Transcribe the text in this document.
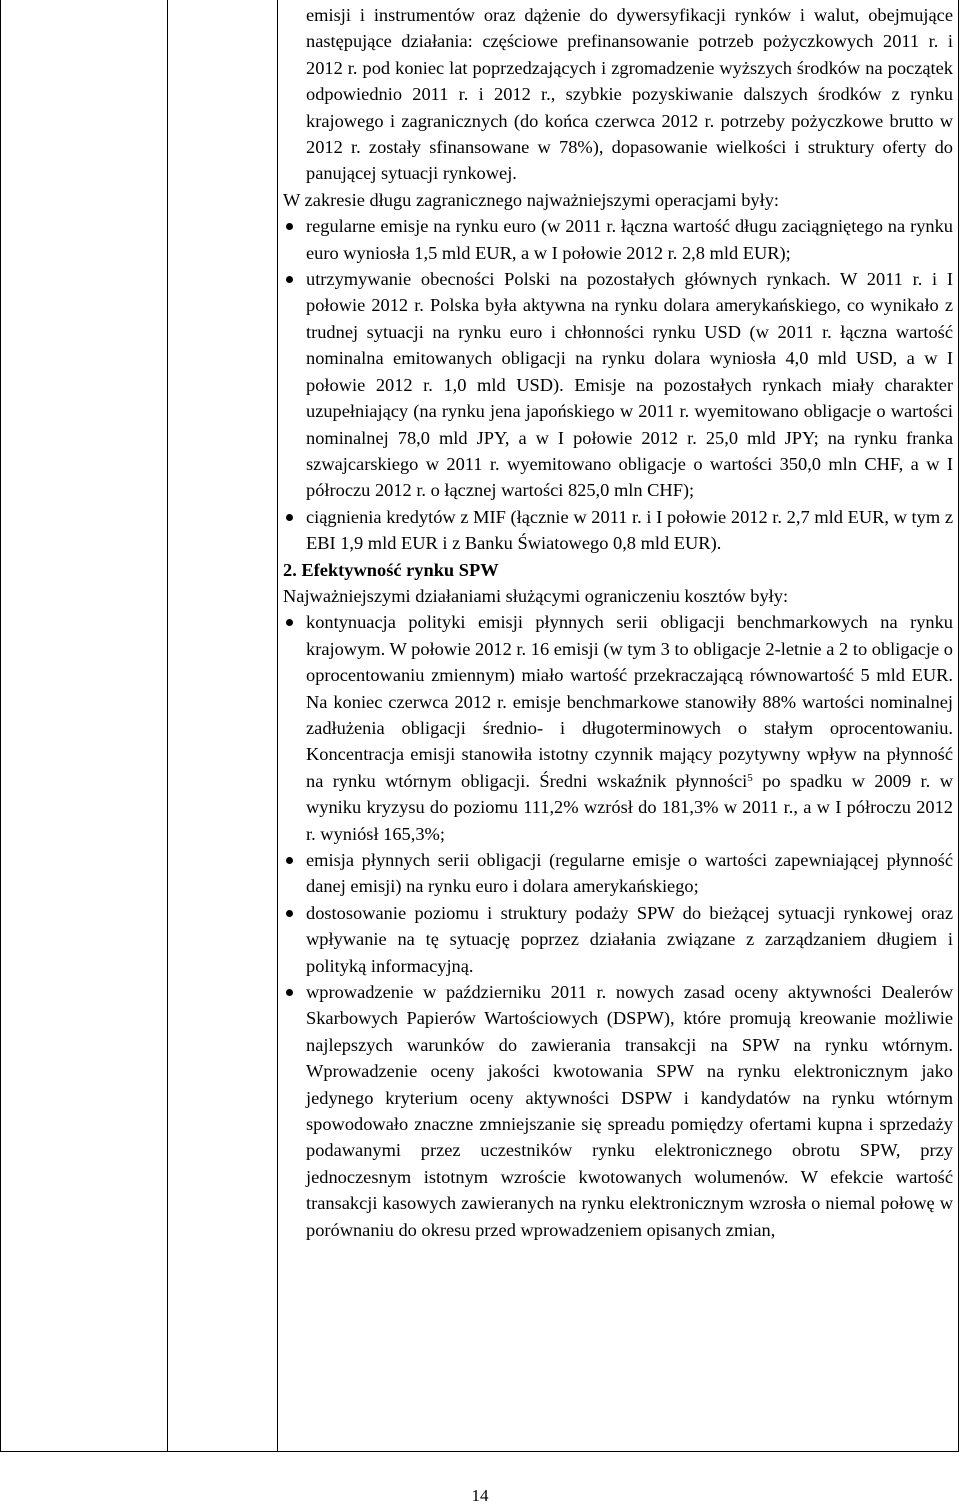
emisji i instrumentów oraz dążenie do dywersyfikacji rynków i walut, obejmujące następujące działania: częściowe prefinansowanie potrzeb pożyczkowych 2011 r. i 2012 r. pod koniec lat poprzedzających i zgromadzenie wyższych środków na początek odpowiednio 2011 r. i 2012 r., szybkie pozyskiwanie dalszych środków z rynku krajowego i zagranicznych (do końca czerwca 2012 r. potrzeby pożyczkowe brutto w 2012 r. zostały sfinansowane w 78%), dopasowanie wielkości i struktury oferty do panującej sytuacji rynkowej.

W zakresie długu zagranicznego najważniejszymi operacjami były:

regularne emisje na rynku euro (w 2011 r. łączna wartość długu zaciągniętego na rynku euro wyniosła 1,5 mld EUR, a w I połowie 2012 r. 2,8 mld EUR);
utrzymywanie obecności Polski na pozostałych głównych rynkach. W 2011 r. i I połowie 2012 r. Polska była aktywna na rynku dolara amerykańskiego, co wynikało z trudnej sytuacji na rynku euro i chłonności rynku USD (w 2011 r. łączna wartość nominalna emitowanych obligacji na rynku dolara wyniosła 4,0 mld USD, a w I połowie 2012 r. 1,0 mld USD). Emisje na pozostałych rynkach miały charakter uzupełniający (na rynku jena japońskiego w 2011 r. wyemitowano obligacje o wartości nominalnej 78,0 mld JPY, a w I połowie 2012 r. 25,0 mld JPY; na rynku franka szwajcarskiego w 2011 r. wyemitowano obligacje o wartości 350,0 mln CHF, a w I półroczu 2012 r. o łącznej wartości 825,0 mln CHF);
ciągnienia kredytów z MIF (łącznie w 2011 r. i I połowie 2012 r. 2,7 mld EUR, w tym z EBI 1,9 mld EUR i z Banku Światowego 0,8 mld EUR).

2. Efektywność rynku SPW

Najważniejszymi działaniami służącymi ograniczeniu kosztów były:

kontynuacja polityki emisji płynnych serii obligacji benchmarkowych na rynku krajowym. W połowie 2012 r. 16 emisji (w tym 3 to obligacje 2-letnie a 2 to obligacje o oprocentowaniu zmiennym) miało wartość przekraczającą równowartość 5 mld EUR. Na koniec czerwca 2012 r. emisje benchmarkowe stanowiły 88% wartości nominalnej zadłużenia obligacji średnio- i długoterminowych o stałym oprocentowaniu. Koncentracja emisji stanowiła istotny czynnik mający pozytywny wpływ na płynność na rynku wtórnym obligacji. Średni wskaźnik płynności$^5$ po spadku w 2009 r. w wyniku kryzysu do poziomu 111,2% wzrósł do 181,3% w 2011 r., a w I półroczu 2012 r. wyniósł 165,3%;
emisja płynnych serii obligacji (regularne emisje o wartości zapewniającej płynność danej emisji) na rynku euro i dolara amerykańskiego;
dostosowanie poziomu i struktury podaży SPW do bieżącej sytuacji rynkowej oraz wpływanie na tę sytuację poprzez działania związane z zarządzaniem długiem i polityką informacyjną.
wprowadzenie w październiku 2011 r. nowych zasad oceny aktywności Dealerów Skarbowych Papierów Wartościowych (DSPW), które promują kreowanie możliwie najlepszych warunków do zawierania transakcji na SPW na rynku wtórnym. Wprowadzenie oceny jakości kwotowania SPW na rynku elektronicznym jako jedynego kryterium oceny aktywności DSPW i kandydatów na rynku wtórnym spowodowało znaczne zmniejszanie się spreadu pomiędzy ofertami kupna i sprzedaży podawanymi przez uczestników rynku elektronicznego obrotu SPW, przy jednoczesnym istotnym wzroście kwotowanych wolumenów. W efekcie wartość transakcji kasowych zawieranych na rynku elektronicznym wzrosła o niemal połowę w porównaniu do okresu przed wprowadzeniem opisanych zmian,
14
